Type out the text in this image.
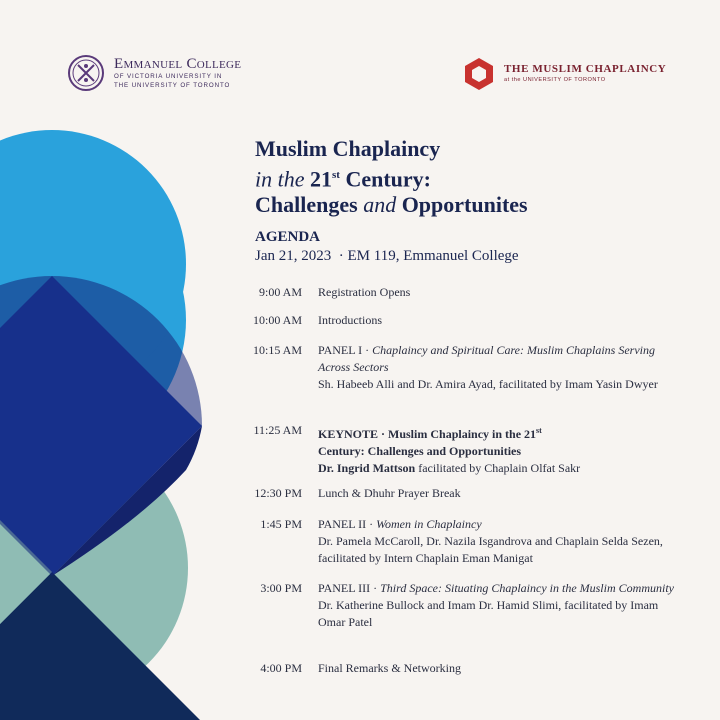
Emmanuel College
OF VICTORIA UNIVERSITY IN
THE UNIVERSITY OF TORONTO
THE MUSLIM CHAPLAINCY
at the UNIVERSITY OF TORONTO
Muslim Chaplaincy
in the 21st Century:
Challenges and Opportunites
AGENDA
Jan 21, 2023 · EM 119, Emmanuel College
9:00 AM	Registration Opens
10:00 AM	Introductions
10:15 AM	PANEL I · Chaplaincy and Spiritual Care: Muslim Chaplains Serving Across Sectors
Sh. Habeeb Alli and Dr. Amira Ayad, facilitated by Imam Yasin Dwyer
11:25 AM	KEYNOTE · Muslim Chaplaincy in the 21st
Century: Challenges and Opportunities
Dr. Ingrid Mattson facilitated by Chaplain Olfat Sakr
12:30 PM	Lunch & Dhuhr Prayer Break
1:45 PM	PANEL II · Women in Chaplaincy
Dr. Pamela McCaroll, Dr. Nazila Isgandrova and Chaplain Selda Sezen, facilitated by Intern Chaplain Eman Manigat
3:00 PM	PANEL III · Third Space: Situating Chaplaincy in the Muslim Community
Dr. Katherine Bullock and Imam Dr. Hamid Slimi, facilitated by Imam Omar Patel
4:00 PM	Final Remarks & Networking
